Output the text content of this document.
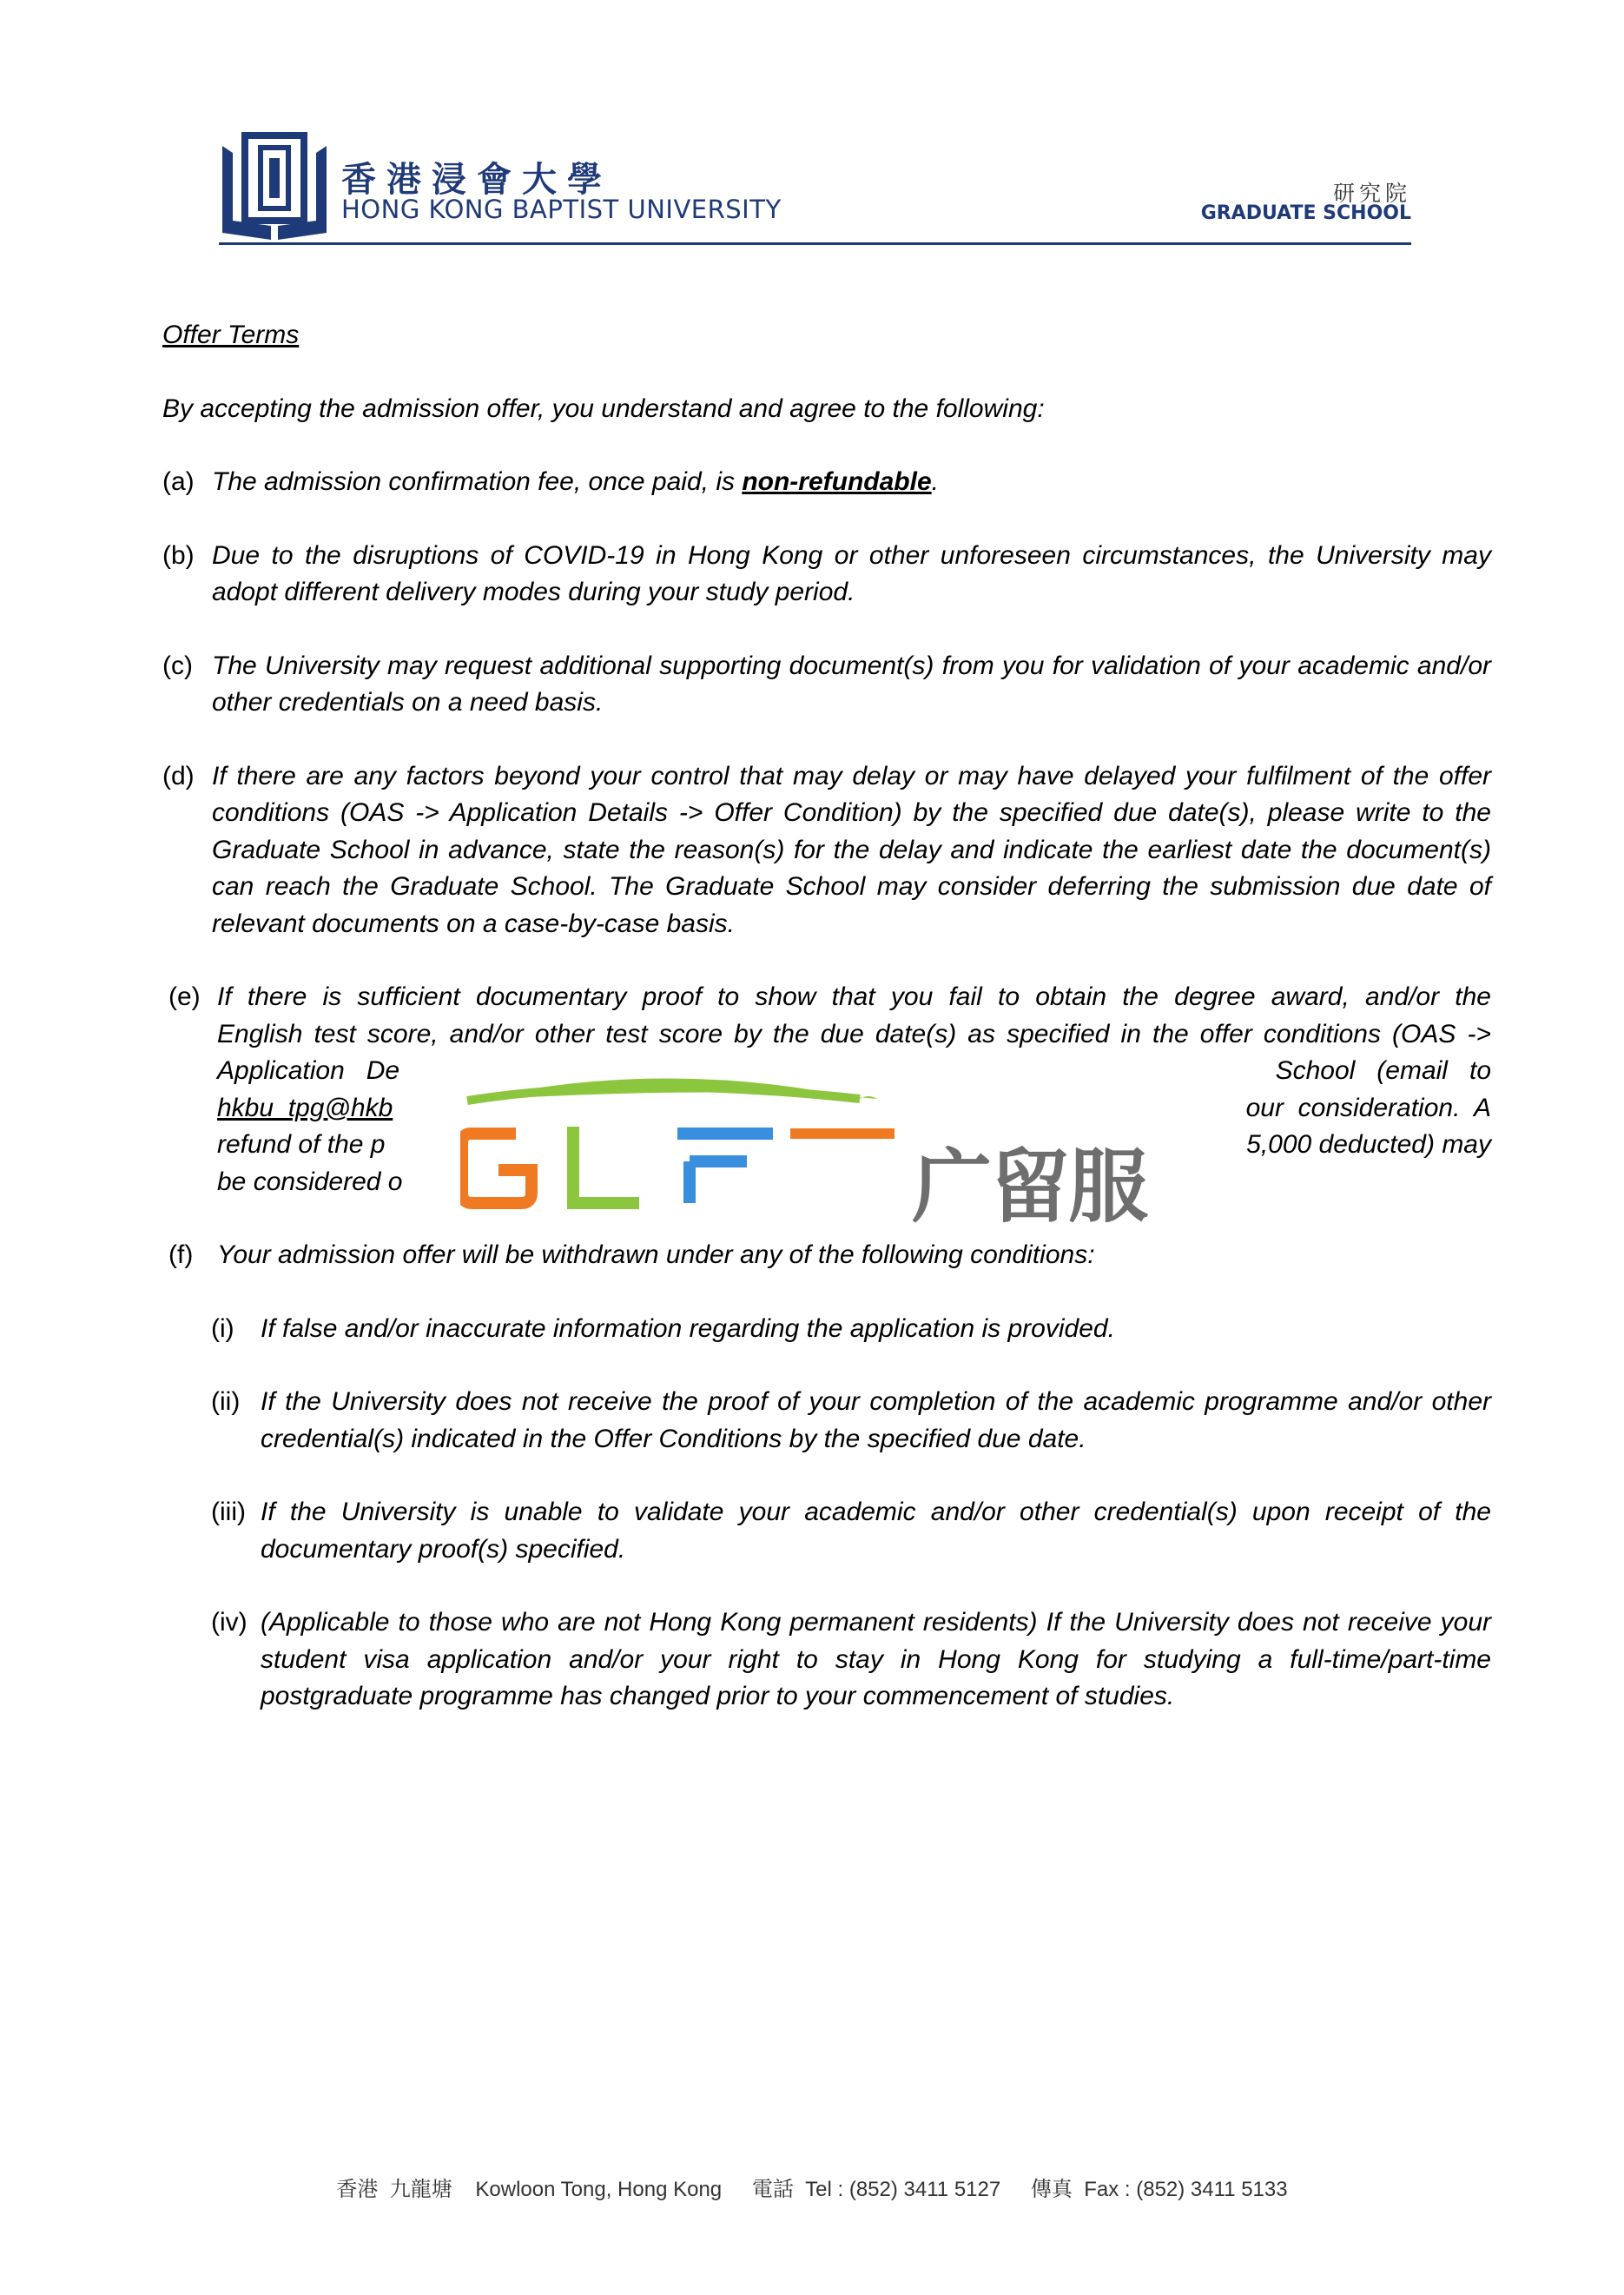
香港浸會大學
HONG KONG BAPTIST UNIVERSITY
研究院
GRADUATE SCHOOL
Offer Terms
By accepting the admission offer, you understand and agree to the following:
(a) The admission confirmation fee, once paid, is non-refundable.
(b) Due to the disruptions of COVID-19 in Hong Kong or other unforeseen circumstances, the University may adopt different delivery modes during your study period.
(c) The University may request additional supporting document(s) from you for validation of your academic and/or other credentials on a need basis.
(d) If there are any factors beyond your control that may delay or may have delayed your fulfilment of the offer conditions (OAS -> Application Details -> Offer Condition) by the specified due date(s), please write to the Graduate School in advance, state the reason(s) for the delay and indicate the earliest date the document(s) can reach the Graduate School. The Graduate School may consider deferring the submission due date of relevant documents on a case-by-case basis.
(e) If there is sufficient documentary proof to show that you fail to obtain the degree award, and/or the
English test score, and/or other test score by the due date(s) as specified in the offer conditions (OAS ->
Application   De	School   (email   to
hkbu_tpg@hkb	our  consideration.  A
refund of the p	5,000 deducted) may
be considered o
(f) Your admission offer will be withdrawn under any of the following conditions:
(i) If false and/or inaccurate information regarding the application is provided.
(ii) If the University does not receive the proof of your completion of the academic programme and/or other credential(s) indicated in the Offer Conditions by the specified due date.
(iii) If the University is unable to validate your academic and/or other credential(s) upon receipt of the documentary proof(s) specified.
(iv) (Applicable to those who are not Hong Kong permanent residents) If the University does not receive your student visa application and/or your right to stay in Hong Kong for studying a full-time/part-time postgraduate programme has changed prior to your commencement of studies.
广留服
香港  九龍塘    Kowloon Tong, Hong Kong 電話  Tel : (852) 3411 5127 傳真  Fax : (852) 3411 5133
